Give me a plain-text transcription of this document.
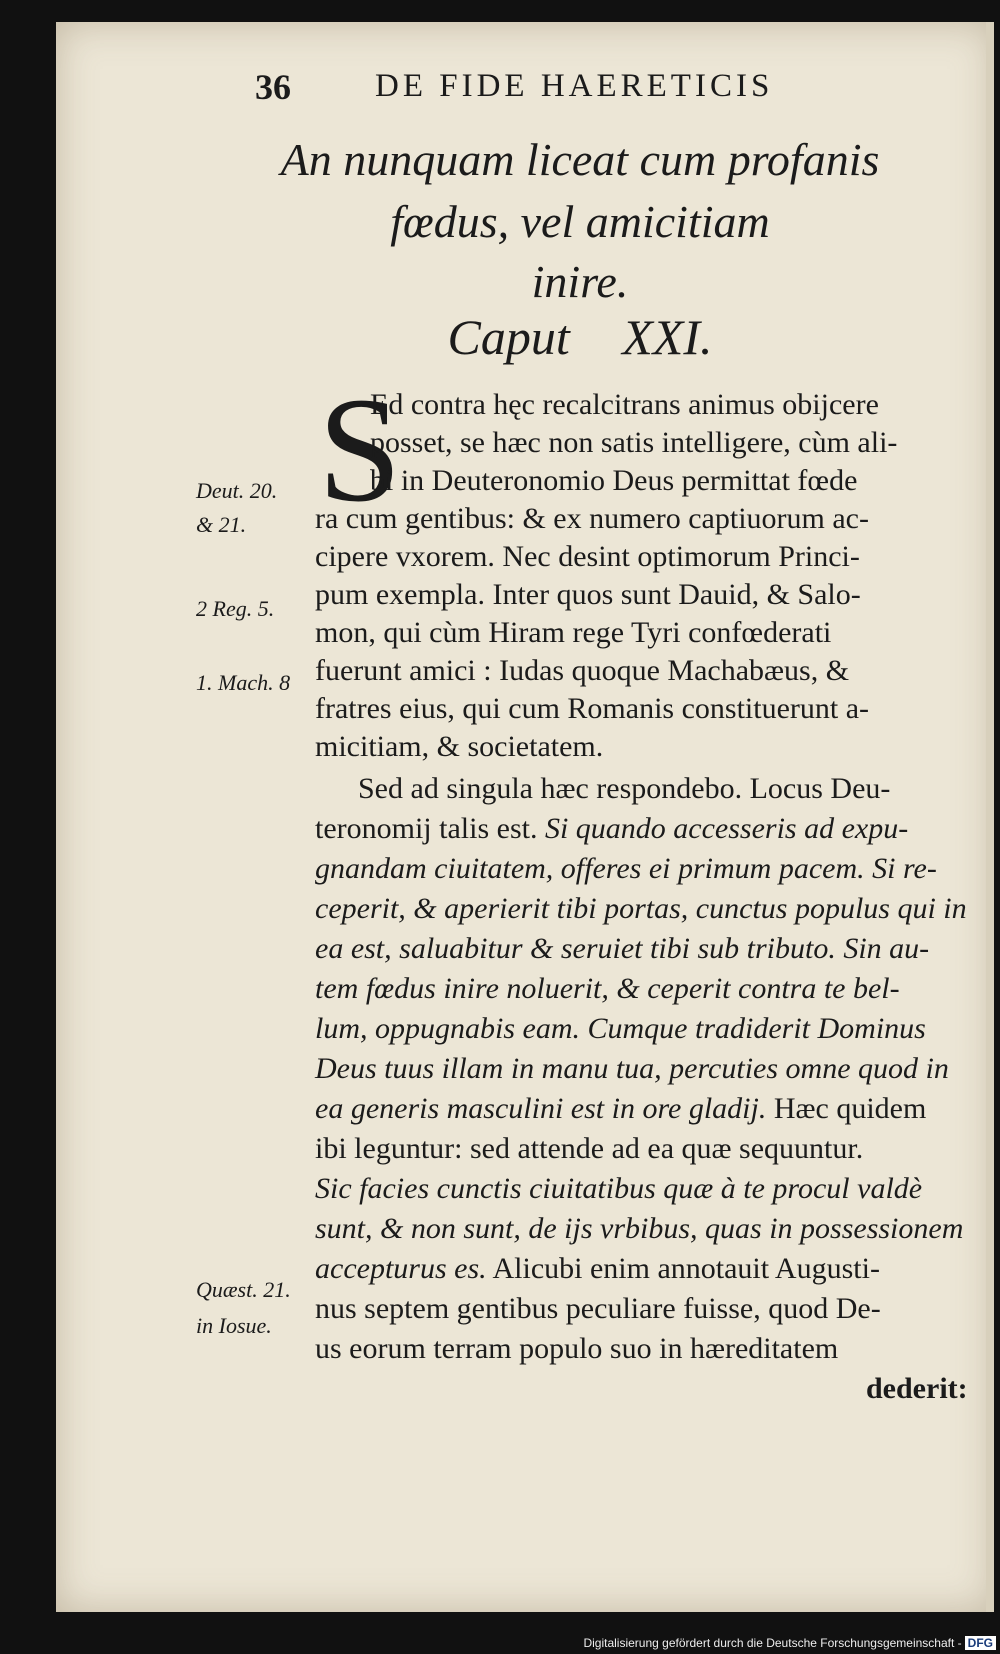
36	DE FIDE HAERETICIS
An nunquam liceat cum profanis
fœdus, vel amicitiam
inire.
Caput XXI.
S
Deut. 20.
& 21.
2 Reg. 5.
1. Mach. 8
Quæst. 21.
in Iosue.
Ed contra hęc recalcitrans animus obijcere
posset, se hæc non satis intelligere, cùm ali-
bi in Deuteronomio Deus permittat fœde
ra cum gentibus: & ex numero captiuorum ac-
cipere vxorem. Nec desint optimorum Princi-
pum exempla. Inter quos sunt Dauid, & Salo-
mon, qui cùm Hiram rege Tyri confœderati
fuerunt amici : Iudas quoque Machabæus, &
fratres eius, qui cum Romanis constituerunt a-
micitiam, & societatem.
Sed ad singula hæc respondebo. Locus Deu-
teronomij talis est. Si quando accesseris ad expu-
gnandam ciuitatem, offeres ei primum pacem. Si re-
ceperit, & aperierit tibi portas, cunctus populus qui in
ea est, saluabitur & seruiet tibi sub tributo. Sin au-
tem fœdus inire noluerit, & ceperit contra te bel-
lum, oppugnabis eam. Cumque tradiderit Dominus
Deus tuus illam in manu tua, percuties omne quod in
ea generis masculini est in ore gladij. Hæc quidem
ibi leguntur: sed attende ad ea quæ sequuntur.
Sic facies cunctis ciuitatibus quæ à te procul valdè
sunt, & non sunt, de ijs vrbibus, quas in possessionem
accepturus es. Alicubi enim annotauit Augusti-
nus septem gentibus peculiare fuisse, quod De-
us eorum terram populo suo in hæreditatem
dederit:
Digitalisierung gefördert durch die Deutsche Forschungsgemeinschaft - DFG
